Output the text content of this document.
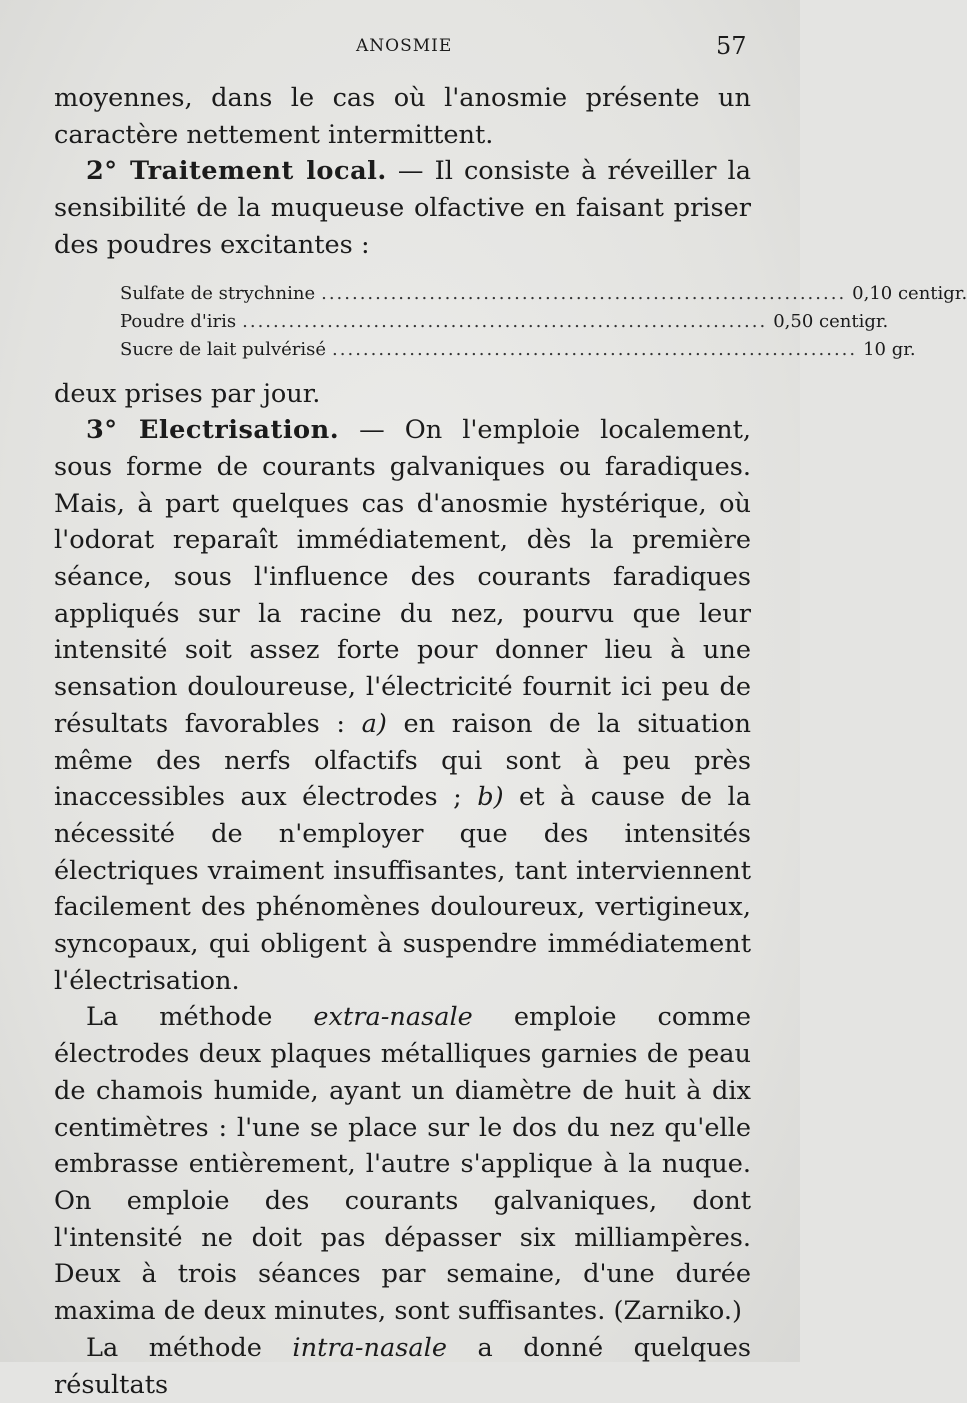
ANOSMIE	57

moyennes, dans le cas où l'anosmie présente un caractère nettement intermittent.

2° Traitement local. — Il consiste à réveiller la sensibilité de la muqueuse olfactive en faisant priser des poudres excitantes :

Sulfate de strychnine .................................................................... 0,10 centigr.
Poudre d'iris .................................................................... 0,50 centigr.
Sucre de lait pulvérisé .................................................................... 10 gr.

deux prises par jour.

3° Electrisation. — On l'emploie localement, sous forme de courants galvaniques ou faradiques. Mais, à part quelques cas d'anosmie hystérique, où l'odorat reparaît immédiatement, dès la première séance, sous l'influence des courants faradiques appliqués sur la racine du nez, pourvu que leur intensité soit assez forte pour donner lieu à une sensation douloureuse, l'électricité fournit ici peu de résultats favorables : a) en raison de la situation même des nerfs olfactifs qui sont à peu près inaccessibles aux électrodes ; b) et à cause de la nécessité de n'employer que des intensités électriques vraiment insuffisantes, tant interviennent facilement des phénomènes douloureux, vertigineux, syncopaux, qui obligent à suspendre immédiatement l'électrisation.

La méthode extra-nasale emploie comme électrodes deux plaques métalliques garnies de peau de chamois humide, ayant un diamètre de huit à dix centimètres : l'une se place sur le dos du nez qu'elle embrasse entièrement, l'autre s'applique à la nuque. On emploie des courants galvaniques, dont l'intensité ne doit pas dépasser six milliampères. Deux à trois séances par semaine, d'une durée maxima de deux minutes, sont suffisantes. (Zarniko.)

La méthode intra-nasale a donné quelques résultats
